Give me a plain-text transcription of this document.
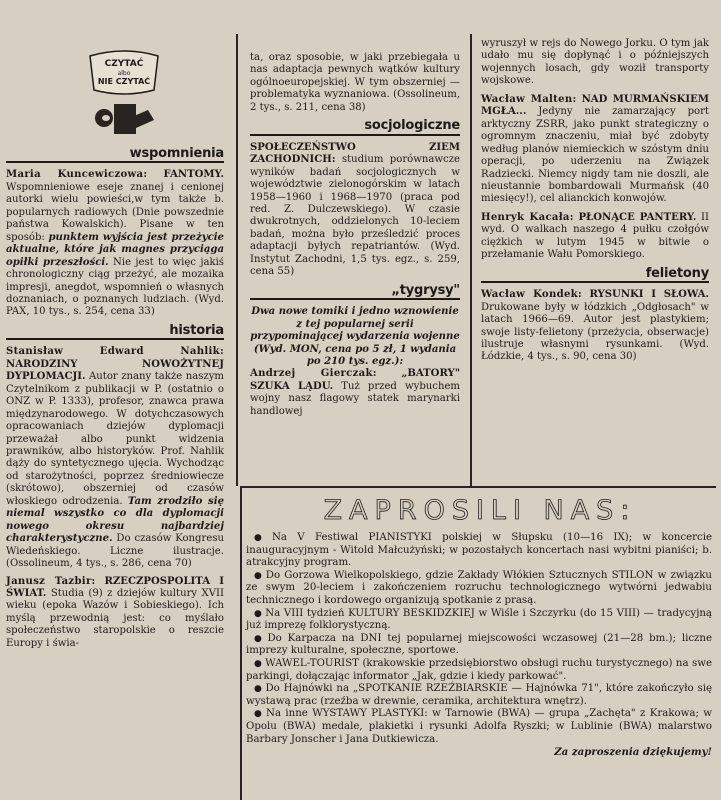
CZYTAĆ
albo
NIE CZYTAĆ
wspomnienia

Maria Kuncewiczowa: FANTOMY. Wspomnieniowe eseje znanej i cenionej autorki wielu powieści,w tym także b. popularnych radiowych (Dnie powszednie państwa Kowalskich). Pisane w ten sposób: punktem wyjścia jest przeżycie aktualne, które jak magnes przyciąga opiłki przeszłości. Nie jest to więc jakiś chronologiczny ciąg przeżyć, ale mozaika impresji, anegdot, wspomnień o własnych doznaniach, o poznanych ludziach. (Wyd. PAX, 10 tys., s. 254, cena 33)

historia

Stanisław Edward Nahlik: NARODZINY NOWOŻYTNEJ DYPLOMACJI. Autor znany także naszym Czytelnikom z publikacji w P. (ostatnio o ONZ w P. 1333), profesor, znawca prawa międzynarodowego. W dotychczasowych opracowaniach dziejów dyplomacji przeważał albo punkt widzenia prawników, albo historyków. Prof. Nahlik dąży do syntetycznego ujęcia. Wychodząc od starożytności, poprzez średniowiecze (skrótowo), obszerniej od czasów włoskiego odrodzenia. Tam zrodziło się niemal wszystko co dla dyplomacji nowego okresu najbardziej charakterystyczne. Do czasów Kongresu Wiedeńskiego. Liczne ilustracje. (Ossolineum, 4 tys., s. 286, cena 70)

Janusz Tazbir: RZECZPOSPOLITA I ŚWIAT. Studia (9) z dziejów kultury XVII wieku (epoka Wazów i Sobieskiego). Ich myślą przewodnią jest: co myślało społeczeństwo staropolskie o reszcie Europy i świa-

ta, oraz sposobie, w jaki przebiegała u nas adaptacja pewnych wątków kultury ogólnoeuropejskiej. W tym obszerniej — problematyka wyznaniowa. (Ossolineum, 2 tys., s. 211, cena 38)

socjologiczne

SPOŁECZEŃSTWO ZIEM ZACHODNICH: studium porównawcze wyników badań socjologicznych w województwie zielonogórskim w latach 1958—1960 i 1968—1970 (praca pod red. Z. Dulczewskiego). W czasie dwukrotnych, oddzielonych 10-leciem badań, można było prześledzić proces adaptacji byłych repatriantów. (Wyd. Instytut Zachodni, 1,5 tys. egz., s. 259, cena 55)

„tygrysy"

Dwa nowe tomiki i jedno wznowienie z tej popularnej serii przypominającej wydarzenia wojenne (Wyd. MON, cena po 5 zł, 1 wydania po 210 tys. egz.):

Andrzej Gierczak: „BATORY" SZUKA LĄDU. Tuż przed wybuchem wojny nasz flagowy statek marynarki handlowej

wyruszył w rejs do Nowego Jorku. O tym jak udało mu się dopłynąć i o późniejszych wojennych losach, gdy woził transporty wojskowe.

Wacław Malten: NAD MURMAŃSKIEM MGŁA... Jedyny nie zamarzający port arktyczny ZSRR, jako punkt strategiczny o ogromnym znaczeniu, miał być zdobyty według planów niemieckich w szóstym dniu operacji, po uderzeniu na Związek Radziecki. Niemcy nigdy tam nie doszli, ale nieustannie bombardowali Murmańsk (40 miesięcy!), cel alianckich konwojów.

Henryk Kacała: PŁONĄCE PANTERY. II wyd. O walkach naszego 4 pułku czołgów ciężkich w lutym 1945 w bitwie o przełamanie Wału Pomorskiego.

felietony

Wacław Kondek: RYSUNKI I SŁOWA. Drukowane były w łódzkich „Odgłosach" w latach 1966—69. Autor jest plastykiem; swoje listy-felietony (przeżycia, obserwacje) ilustruje własnymi rysunkami. (Wyd. Łódzkie, 4 tys., s. 90, cena 30)

ZAPROSILI NAS:

● Na V Festiwal PIANISTYKI polskiej w Słupsku (10—16 IX); w koncercie inauguracyjnym - Witold Małcużyński; w pozostałych koncertach nasi wybitni pianiści; b. atrakcyjny program.

● Do Gorzowa Wielkopolskiego, gdzie Zakłady Włókien Sztucznych STILON w związku ze swym 20-leciem i zakończeniem rozruchu technologicznego wytwórni jedwabiu technicznego i kordowego organizują spotkanie z prasą.

● Na VIII tydzień KULTURY BESKIDZKIEJ w Wiśle i Szczyrku (do 15 VIII) — tradycyjną już imprezę folklorystyczną.

● Do Karpacza na DNI tej popularnej miejscowości wczasowej (21—28 bm.); liczne imprezy kulturalne, społeczne, sportowe.

● WAWEL-TOURIST (krakowskie przedsiębiorstwo obsługi ruchu turystycznego) na swe parkingi, dołączając informator „Jak, gdzie i kiedy parkować".

● Do Hajnówki na „SPOTKANIE RZEŹBIARSKIE — Hajnówka 71", które zakończyło się wystawą prac (rzeźba w drewnie, ceramika, architektura wnętrz).

● Na inne WYSTAWY PLASTYKI: w Tarnowie (BWA) — grupa „Zachęta" z Krakowa; w Opolu (BWA) medale, plakietki i rysunki Adolfa Ryszki; w Lublinie (BWA) malarstwo Barbary Jonscher i Jana Dutkiewicza.

Za zaproszenia dziękujemy!
